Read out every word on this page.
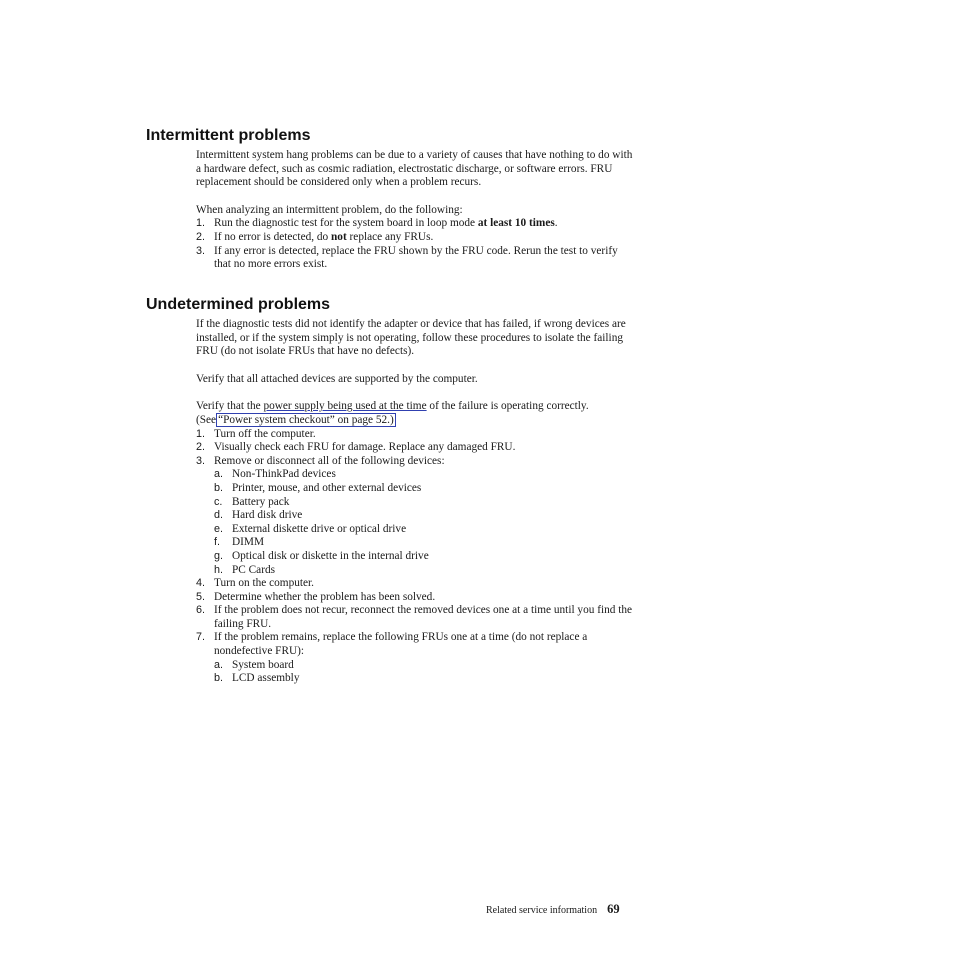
Intermittent problems

Intermittent system hang problems can be due to a variety of causes that have nothing to do with a hardware defect, such as cosmic radiation, electrostatic discharge, or software errors. FRU replacement should be considered only when a problem recurs.

When analyzing an intermittent problem, do the following:

1. Run the diagnostic test for the system board in loop mode at least 10 times.
2. If no error is detected, do not replace any FRUs.
3. If any error is detected, replace the FRU shown by the FRU code. Rerun the test to verify that no more errors exist.
Undetermined problems

If the diagnostic tests did not identify the adapter or device that has failed, if wrong devices are installed, or if the system simply is not operating, follow these procedures to isolate the failing FRU (do not isolate FRUs that have no defects).

Verify that all attached devices are supported by the computer.

Verify that the power supply being used at the time of the failure is operating correctly. (See “Power system checkout” on page 52.)

1. Turn off the computer.
2. Visually check each FRU for damage. Replace any damaged FRU.
3. Remove or disconnect all of the following devices:
a. Non-ThinkPad devices
b. Printer, mouse, and other external devices
c. Battery pack
d. Hard disk drive
e. External diskette drive or optical drive
f. DIMM
g. Optical disk or diskette in the internal drive
h. PC Cards
4. Turn on the computer.
5. Determine whether the problem has been solved.
6. If the problem does not recur, reconnect the removed devices one at a time until you find the failing FRU.
7. If the problem remains, replace the following FRUs one at a time (do not replace a nondefective FRU):
a. System board
b. LCD assembly
Related service information 69
